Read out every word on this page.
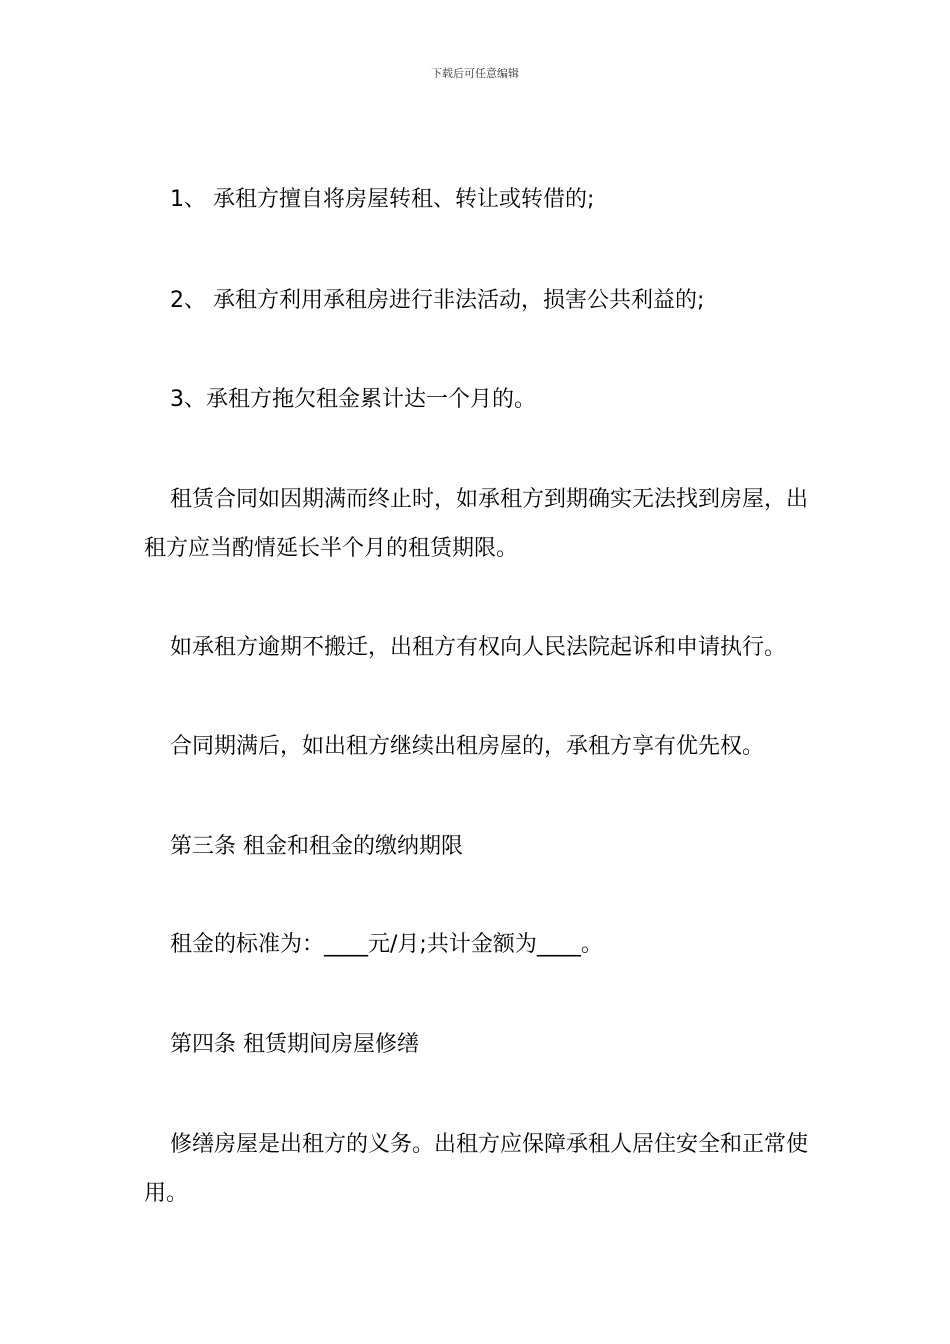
下载后可任意编辑

1、 承租方擅自将房屋转租、转让或转借的;

2、 承租方利用承租房进行非法活动，损害公共利益的;

3、承租方拖欠租金累计达一个月的。

租赁合同如因期满而终止时，如承租方到期确实无法找到房屋，出租方应当酌情延长半个月的租赁期限。

如承租方逾期不搬迁，出租方有权向人民法院起诉和申请执行。

合同期满后，如出租方继续出租房屋的，承租方享有优先权。

第三条 租金和租金的缴纳期限

租金的标准为：____元/月;共计金额为____。

第四条 租赁期间房屋修缮

修缮房屋是出租方的义务。出租方应保障承租人居住安全和正常使用。
